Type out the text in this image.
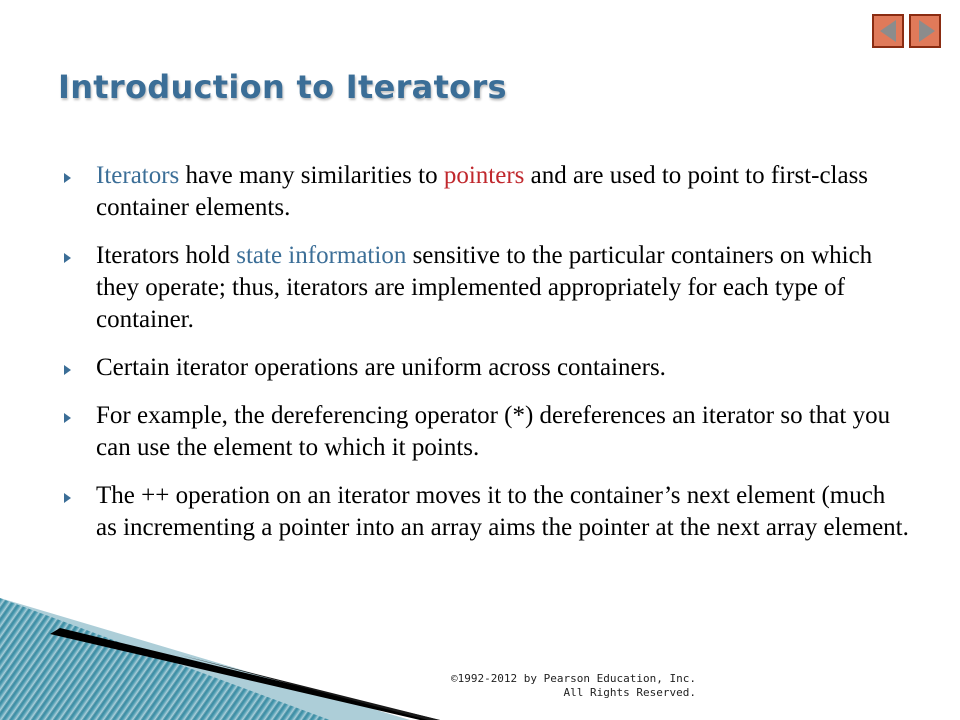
Introduction to Iterators
Iterators have many similarities to pointers and are used to point to first-class container elements.
Iterators hold state information sensitive to the particular containers on which they operate; thus, iterators are implemented appropriately for each type of container.
Certain iterator operations are uniform across containers.
For example, the dereferencing operator (*) dereferences an iterator so that you can use the element to which it points.
The ++ operation on an iterator moves it to the container’s next element (much as incrementing a pointer into an array aims the pointer at the next array element.
©1992-2012 by Pearson Education, Inc.
All Rights Reserved.
